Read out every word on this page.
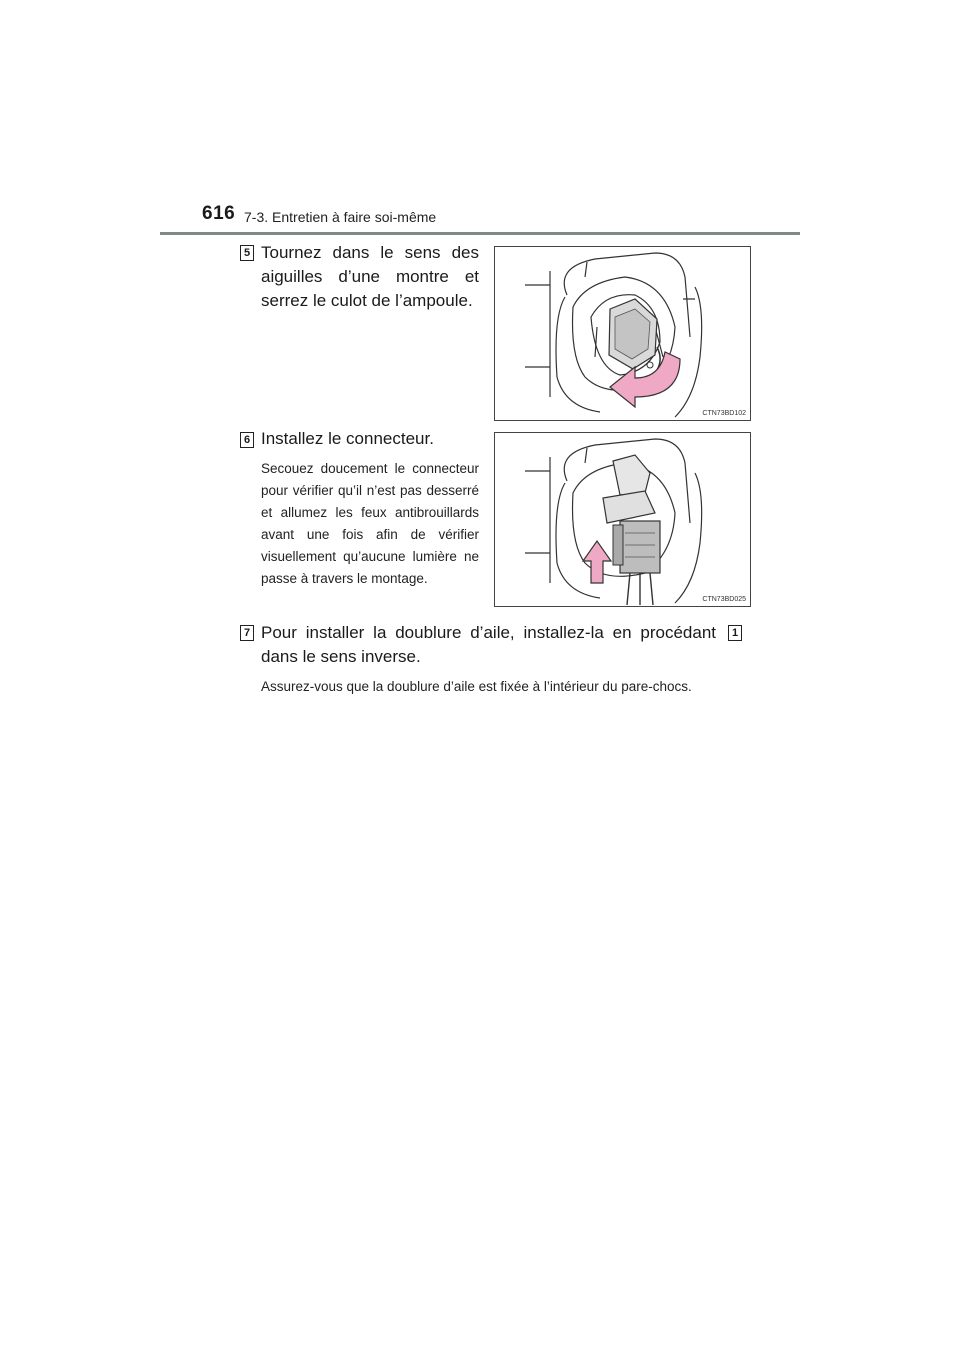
616 7-3. Entretien à faire soi-même
5 Tournez dans le sens des aiguilles d’une montre et serrez le culot de l’ampoule.
CTN73BD102
6 Installez le connecteur.
Secouez doucement le connecteur pour vérifier qu’il n’est pas desserré et allumez les feux antibrouillards avant une fois afin de vérifier visuellement qu’aucune lumière ne passe à travers le montage.
CTN73BD025
7 Pour installer la doublure d’aile, installez-la en procédant dans le sens inverse.
1
Assurez-vous que la doublure d’aile est fixée à l’intérieur du pare-chocs.
